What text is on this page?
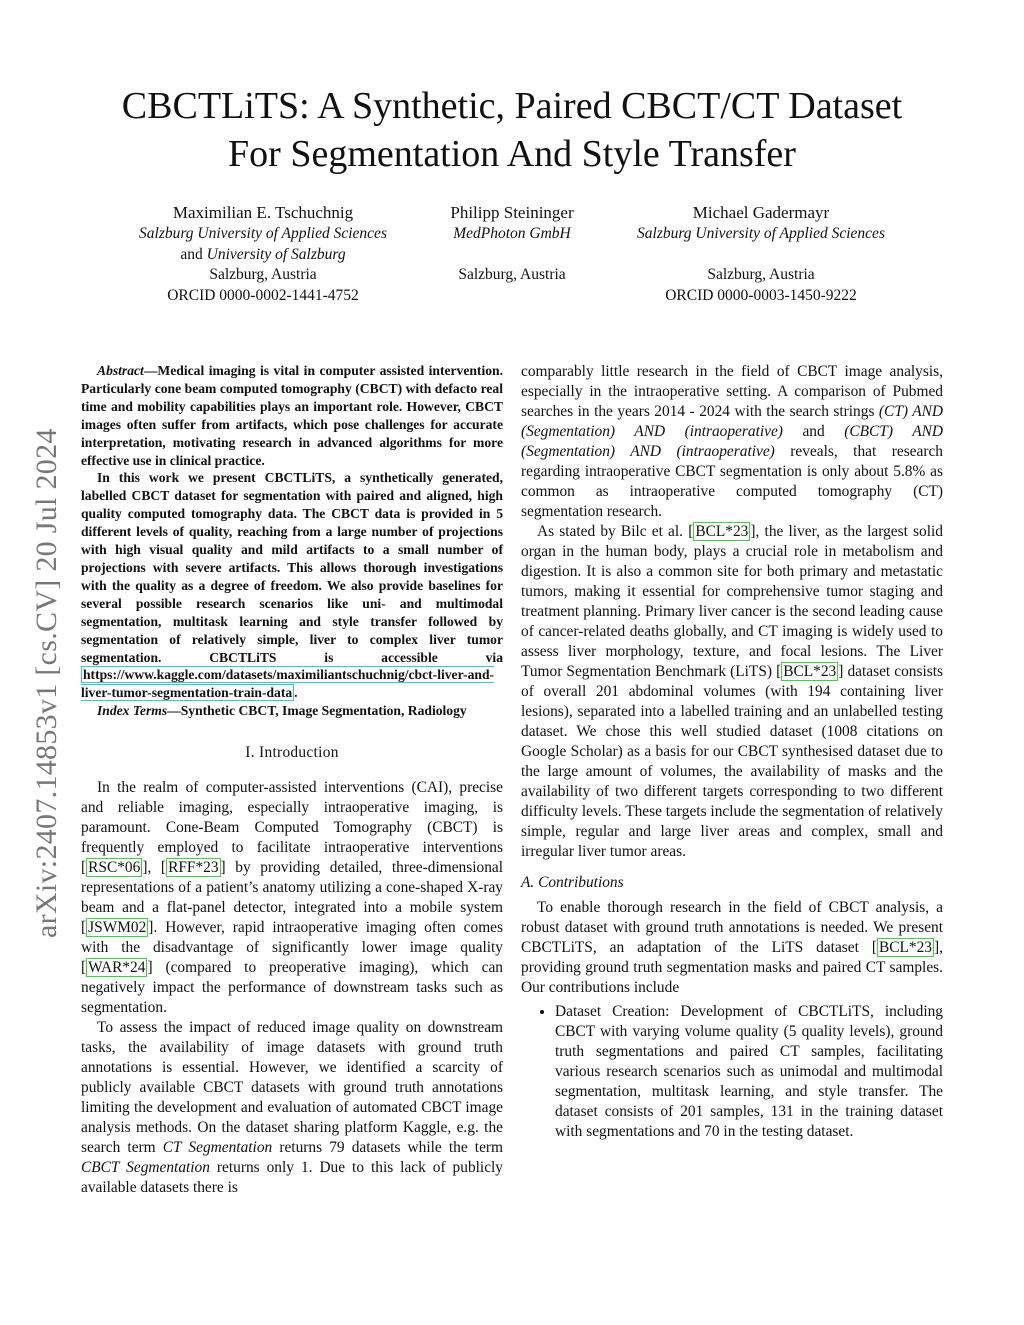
CBCTLiTS: A Synthetic, Paired CBCT/CT Dataset
For Segmentation And Style Transfer
arXiv:2407.14853v1 [cs.CV] 20 Jul 2024
Maximilian E. Tschuchnig
Salzburg University of Applied Sciences
and University of Salzburg
Salzburg, Austria
ORCID 0000-0002-1441-4752
Philipp Steininger
MedPhoton GmbH

Salzburg, Austria
Michael Gadermayr
Salzburg University of Applied Sciences

Salzburg, Austria
ORCID 0000-0003-1450-9222

Abstract—Medical imaging is vital in computer assisted intervention. Particularly cone beam computed tomography (CBCT) with defacto real time and mobility capabilities plays an important role. However, CBCT images often suffer from artifacts, which pose challenges for accurate interpretation, motivating research in advanced algorithms for more effective use in clinical practice.

In this work we present CBCTLiTS, a synthetically generated, labelled CBCT dataset for segmentation with paired and aligned, high quality computed tomography data. The CBCT data is provided in 5 different levels of quality, reaching from a large number of projections with high visual quality and mild artifacts to a small number of projections with severe artifacts. This allows thorough investigations with the quality as a degree of freedom. We also provide baselines for several possible research scenarios like uni- and multimodal segmentation, multitask learning and style transfer followed by segmentation of relatively simple, liver to complex liver tumor segmentation. CBCTLiTS is accessible via https://www.kaggle.com/datasets/maximiliantschuchnig/cbct-liver-and-liver-tumor-segmentation-train-data .

Index Terms—Synthetic CBCT, Image Segmentation, Radiology

I. Introduction

In the realm of computer-assisted interventions (CAI), precise and reliable imaging, especially intraoperative imaging, is paramount. Cone-Beam Computed Tomography (CBCT) is frequently employed to facilitate intraoperative interventions [ RSC*06 ], [ RFF*23 ] by providing detailed, three-dimensional representations of a patient’s anatomy utilizing a cone-shaped X-ray beam and a flat-panel detector, integrated into a mobile system [ JSWM02 ]. However, rapid intraoperative imaging often comes with the disadvantage of significantly lower image quality [ WAR*24 ] (compared to preoperative imaging), which can negatively impact the performance of downstream tasks such as segmentation.

To assess the impact of reduced image quality on downstream tasks, the availability of image datasets with ground truth annotations is essential. However, we identified a scarcity of publicly available CBCT datasets with ground truth annotations limiting the development and evaluation of automated CBCT image analysis methods. On the dataset sharing platform Kaggle, e.g. the search term CT Segmentation returns 79 datasets while the term CBCT Segmentation returns only 1. Due to this lack of publicly available datasets there is

comparably little research in the field of CBCT image analysis, especially in the intraoperative setting. A comparison of Pubmed searches in the years 2014 - 2024 with the search strings (CT) AND (Segmentation) AND (intraoperative) and (CBCT) AND (Segmentation) AND (intraoperative) reveals, that research regarding intraoperative CBCT segmentation is only about 5.8% as common as intraoperative computed tomography (CT) segmentation research.

As stated by Bilc et al. [ BCL*23 ], the liver, as the largest solid organ in the human body, plays a crucial role in metabolism and digestion. It is also a common site for both primary and metastatic tumors, making it essential for comprehensive tumor staging and treatment planning. Primary liver cancer is the second leading cause of cancer-related deaths globally, and CT imaging is widely used to assess liver morphology, texture, and focal lesions. The Liver Tumor Segmentation Benchmark (LiTS) [ BCL*23 ] dataset consists of overall 201 abdominal volumes (with 194 containing liver lesions), separated into a labelled training and an unlabelled testing dataset. We chose this well studied dataset (1008 citations on Google Scholar) as a basis for our CBCT synthesised dataset due to the large amount of volumes, the availability of masks and the availability of two different targets corresponding to two different difficulty levels. These targets include the segmentation of relatively simple, regular and large liver areas and complex, small and irregular liver tumor areas.

A. Contributions

To enable thorough research in the field of CBCT analysis, a robust dataset with ground truth annotations is needed. We present CBCTLiTS, an adaptation of the LiTS dataset [ BCL*23 ], providing ground truth segmentation masks and paired CT samples. Our contributions include

• Dataset Creation: Development of CBCTLiTS, including CBCT with varying volume quality (5 quality levels), ground truth segmentations and paired CT samples, facilitating various research scenarios such as unimodal and multimodal segmentation, multitask learning, and style transfer. The dataset consists of 201 samples, 131 in the training dataset with segmentations and 70 in the testing dataset.
